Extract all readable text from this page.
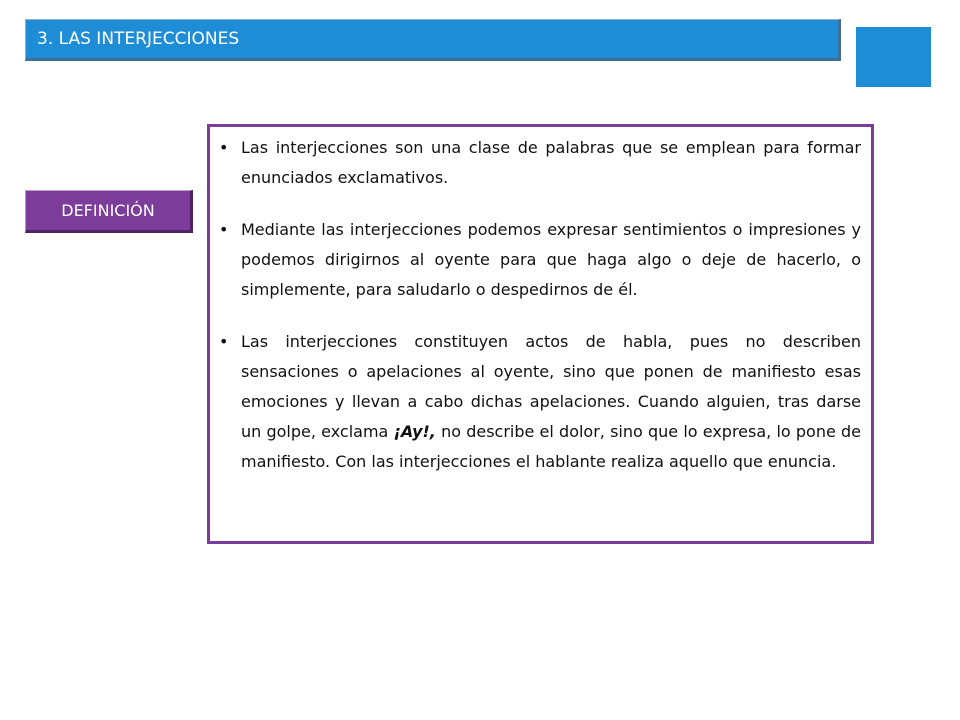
3. LAS INTERJECCIONES
DEFINICIÓN
• Las interjecciones son una clase de palabras que se emplean para formar enunciados exclamativos.
• Mediante las interjecciones podemos expresar sentimientos o impresiones y podemos dirigirnos al oyente para que haga algo o deje de hacerlo, o simplemente, para saludarlo o despedirnos de él.
• Las interjecciones constituyen actos de habla, pues no describen sensaciones o apelaciones al oyente, sino que ponen de manifiesto esas emociones y llevan a cabo dichas apelaciones. Cuando alguien, tras darse un golpe, exclama ¡Ay!, no describe el dolor, sino que lo expresa, lo pone de manifiesto. Con las interjecciones el hablante realiza aquello que enuncia.
